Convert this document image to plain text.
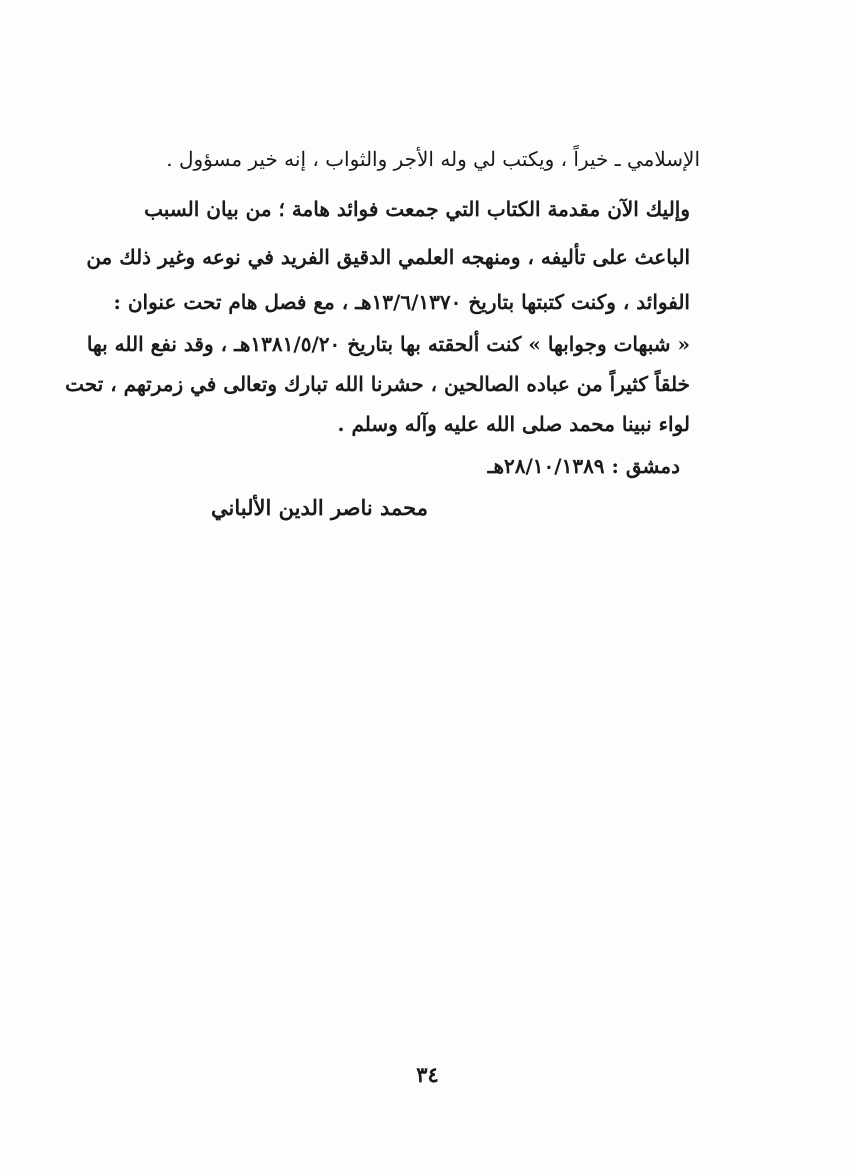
الإسلامي ـ خيراً ، ويكتب لي وله الأجر والثواب ، إنه خير مسؤول .
وإليك الآن مقدمة الكتاب التي جمعت فوائد هامة ؛ من بيان السبب
الباعث على تأليفه ، ومنهجه العلمي الدقيق الفريد في نوعه وغير ذلك من
الفوائد ، وكنت كتبتها بتاريخ ١٣/٦/١٣٧٠هـ ، مع فصل هام تحت عنوان :
« شبهات وجوابها » كنت ألحقته بها بتاريخ ١٣٨١/٥/٢٠هـ ، وقد نفع الله بها
خلقاً كثيراً من عباده الصالحين ، حشرنا الله تبارك وتعالى في زمرتهم ، تحت
لواء نبينا محمد صلى الله عليه وآله وسلم .
دمشق : ٢٨/١٠/١٣٨٩هـ
محمد ناصر الدين الألباني
٣٤
